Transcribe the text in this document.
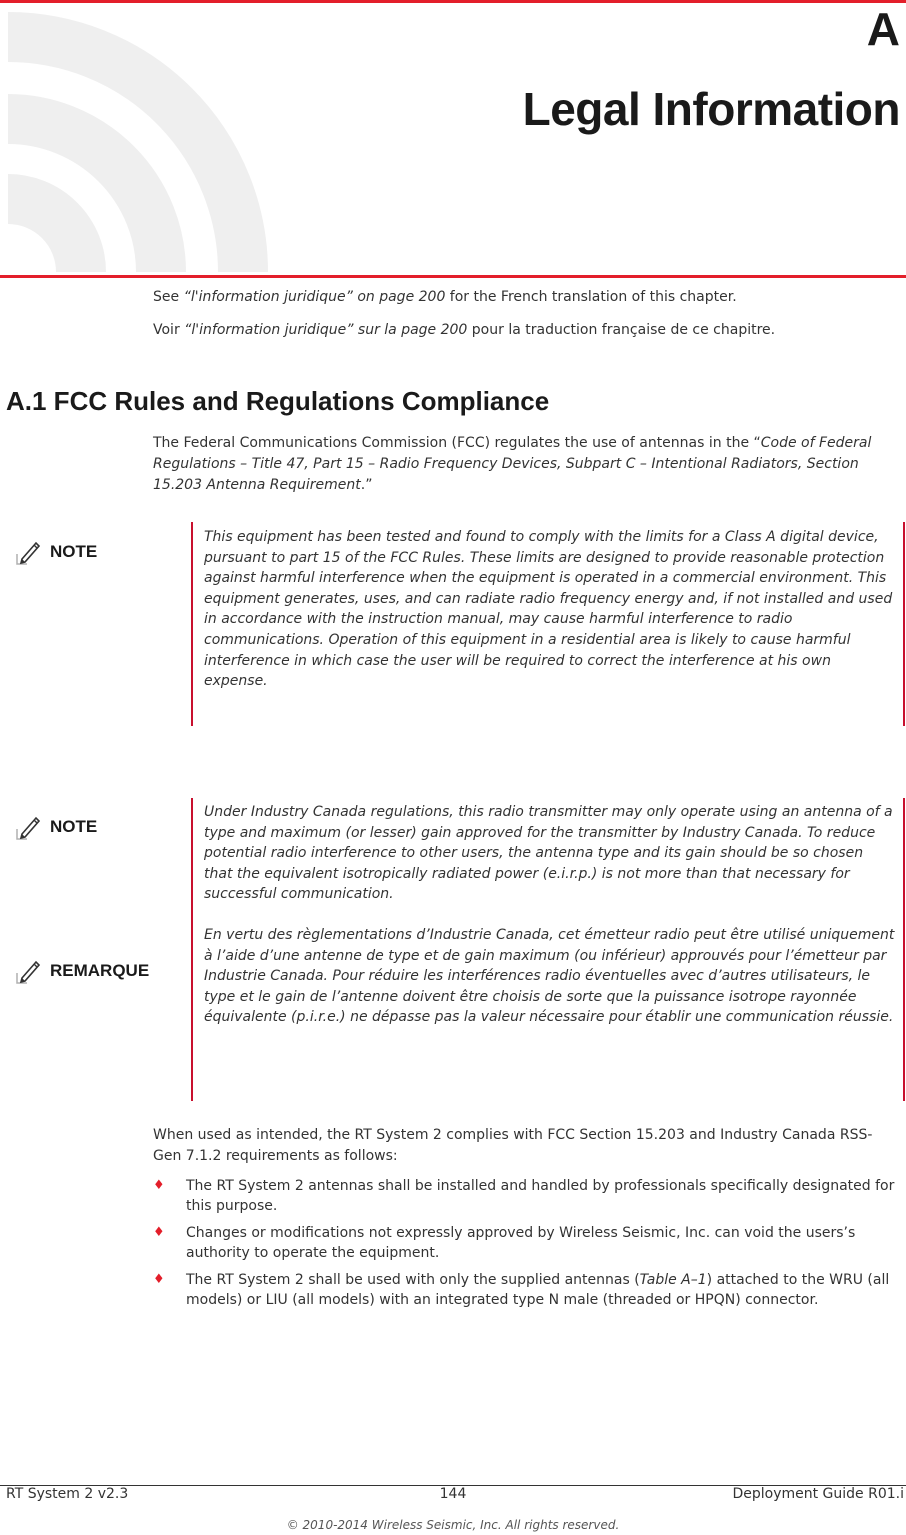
A
Legal Information
See “l'information juridique” on page 200 for the French translation of this chapter.
Voir “l'information juridique” sur la page 200 pour la traduction française de ce chapitre.
A.1 FCC Rules and Regulations Compliance
The Federal Communications Commission (FCC) regulates the use of antennas in the “Code of Federal Regulations – Title 47, Part 15 – Radio Frequency Devices, Subpart C – Intentional Radiators, Section 15.203 Antenna Requirement.”
NOTE

This equipment has been tested and found to comply with the limits for a Class A digital device, pursuant to part 15 of the FCC Rules. These limits are designed to provide reasonable protection against harmful interference when the equipment is operated in a commercial environment. This equipment generates, uses, and can radiate radio frequency energy and, if not installed and used in accordance with the instruction manual, may cause harmful interference to radio communications. Operation of this equipment in a residential area is likely to cause harmful interference in which case the user will be required to correct the interference at his own expense.

NOTE
REMARQUE

Under Industry Canada regulations, this radio transmitter may only operate using an antenna of a type and maximum (or lesser) gain approved for the transmitter by Industry Canada. To reduce potential radio interference to other users, the antenna type and its gain should be so chosen that the equivalent isotropically radiated power (e.i.r.p.) is not more than that necessary for successful communication.

En vertu des règlementations d’Industrie Canada, cet émetteur radio peut être utilisé uniquement à l’aide d’une antenne de type et de gain maximum (ou inférieur) approuvés pour l’émetteur par Industrie Canada. Pour réduire les interférences radio éventuelles avec d’autres utilisateurs, le type et le gain de l’antenne doivent être choisis de sorte que la puissance isotrope rayonnée équivalente (p.i.r.e.) ne dépasse pas la valeur nécessaire pour établir une communication réussie.

When used as intended, the RT System 2 complies with FCC Section 15.203 and Industry Canada RSS-Gen 7.1.2 requirements as follows:
♦ The RT System 2 antennas shall be installed and handled by professionals specifically designated for this purpose.
♦ Changes or modifications not expressly approved by Wireless Seismic, Inc. can void the users’s authority to operate the equipment.
♦ The RT System 2 shall be used with only the supplied antennas (Table A–1) attached to the WRU (all models) or LIU (all models) with an integrated type N male (threaded or HPQN) connector.
RT System 2 v2.3	144	Deployment Guide R01.i
© 2010-2014 Wireless Seismic, Inc. All rights reserved.
